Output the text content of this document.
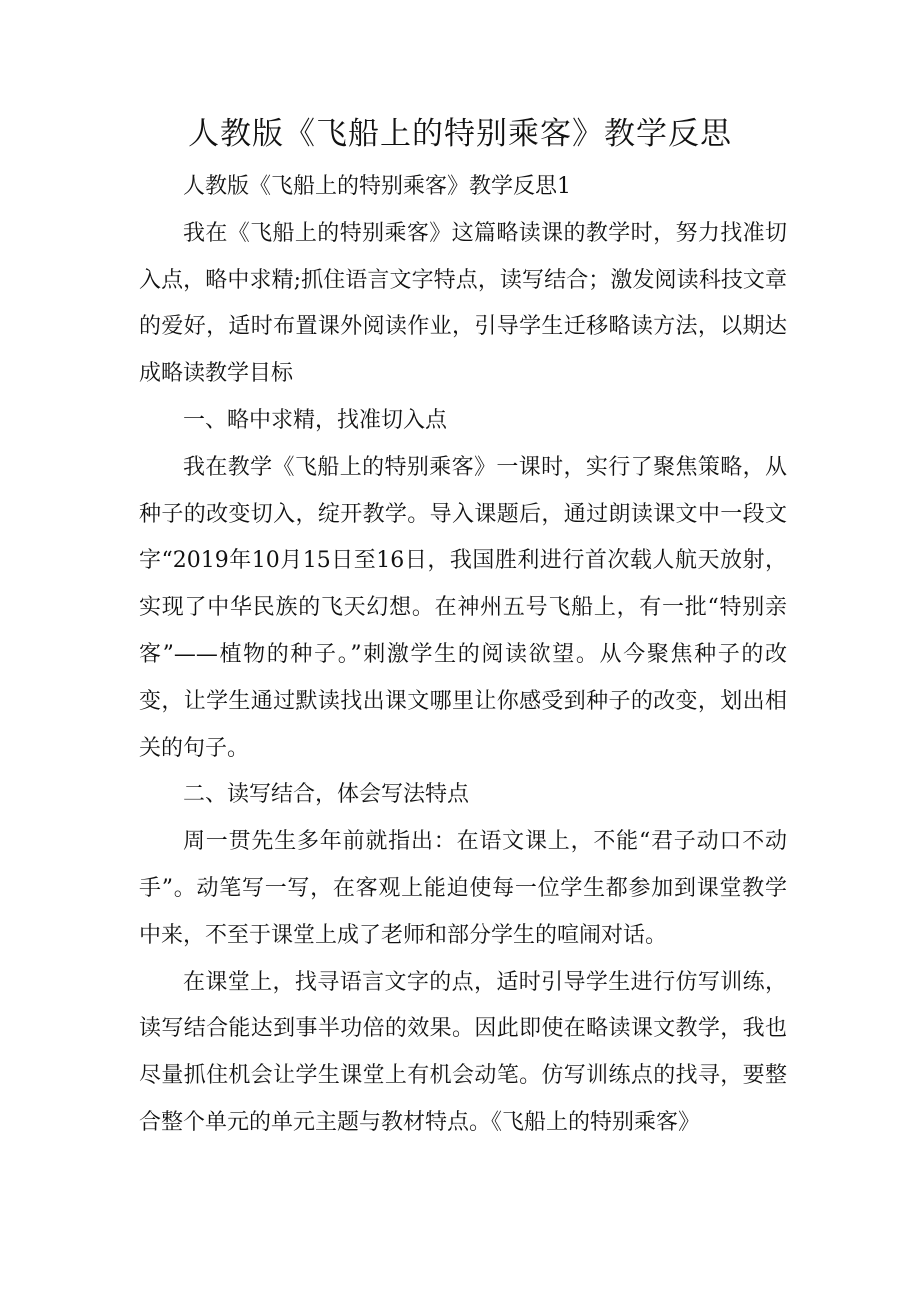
人教版《飞船上的特别乘客》教学反思

人教版《飞船上的特别乘客》教学反思1

我在《飞船上的特别乘客》这篇略读课的教学时，努力找准切入点，略中求精;抓住语言文字特点，读写结合；激发阅读科技文章的爱好，适时布置课外阅读作业，引导学生迁移略读方法，以期达成略读教学目标

一、略中求精，找准切入点

我在教学《飞船上的特别乘客》一课时，实行了聚焦策略，从种子的改变切入，绽开教学。导入课题后，通过朗读课文中一段文字“2019年10月15日至16日，我国胜利进行首次载人航天放射，实现了中华民族的飞天幻想。在神州五号飞船上，有一批“特别亲客”——植物的种子。”刺激学生的阅读欲望。从今聚焦种子的改变，让学生通过默读找出课文哪里让你感受到种子的改变，划出相关的句子。

二、读写结合，体会写法特点

周一贯先生多年前就指出：在语文课上，不能“君子动口不动手”。动笔写一写，在客观上能迫使每一位学生都参加到课堂教学中来，不至于课堂上成了老师和部分学生的喧闹对话。

在课堂上，找寻语言文字的点，适时引导学生进行仿写训练，读写结合能达到事半功倍的效果。因此即使在略读课文教学，我也尽量抓住机会让学生课堂上有机会动笔。仿写训练点的找寻，要整合整个单元的单元主题与教材特点。《飞船上的特别乘客》
